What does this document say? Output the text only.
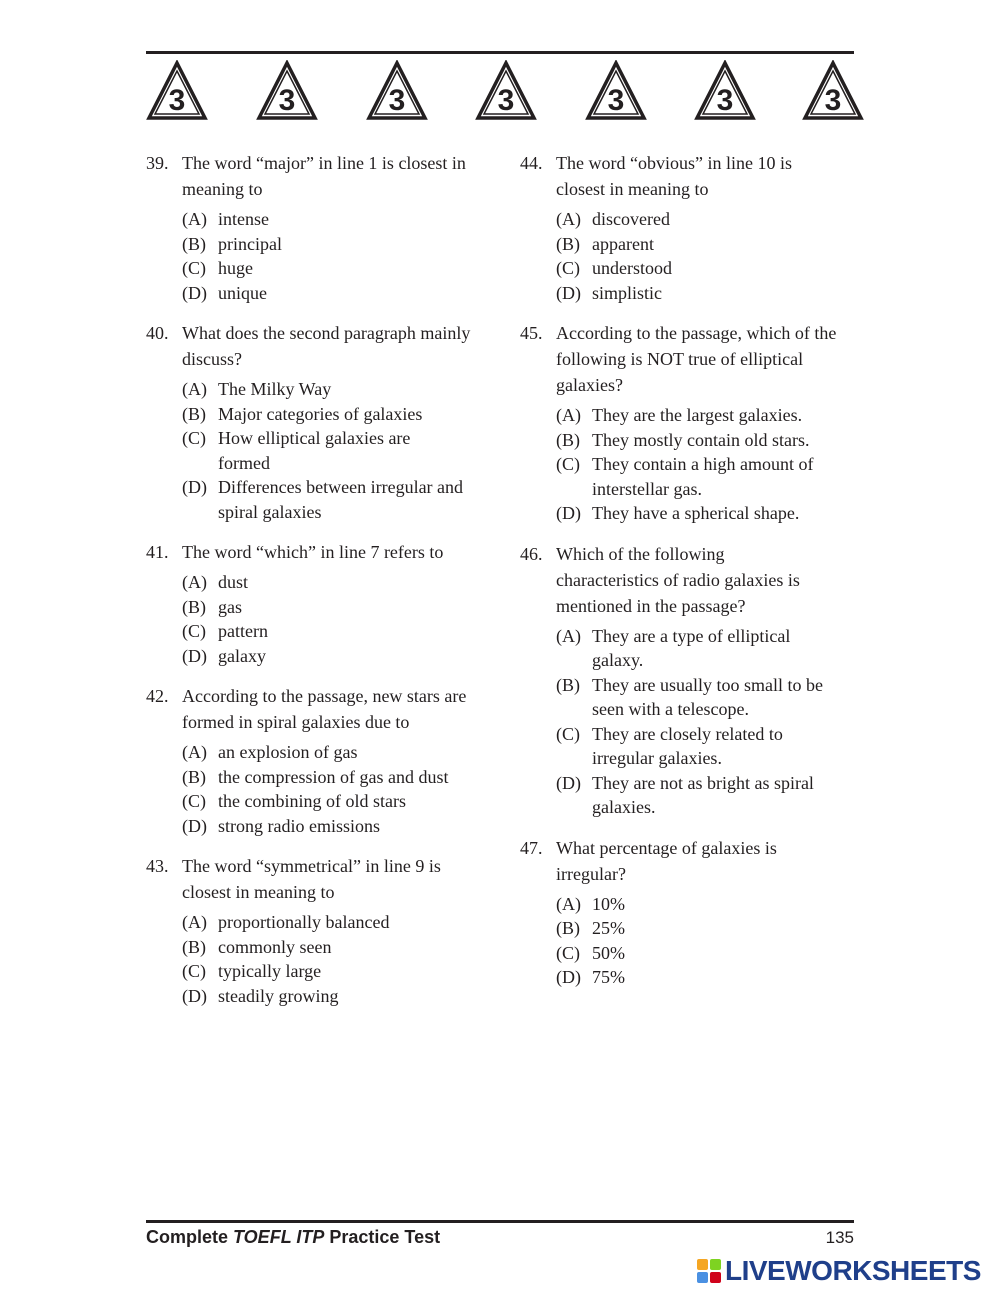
3	3	3	3	3	3	3
39. The word “major” in line 1 is closest in meaning to
(A) intense
(B) principal
(C) huge
(D) unique
40. What does the second paragraph mainly discuss?
(A) The Milky Way
(B) Major categories of galaxies
(C) How elliptical galaxies are formed
(D) Differences between irregular and spiral galaxies
41. The word “which” in line 7 refers to
(A) dust
(B) gas
(C) pattern
(D) galaxy
42. According to the passage, new stars are formed in spiral galaxies due to
(A) an explosion of gas
(B) the compression of gas and dust
(C) the combining of old stars
(D) strong radio emissions
43. The word “symmetrical” in line 9 is closest in meaning to
(A) proportionally balanced
(B) commonly seen
(C) typically large
(D) steadily growing
44. The word “obvious” in line 10 is closest in meaning to
(A) discovered
(B) apparent
(C) understood
(D) simplistic
45. According to the passage, which of the following is NOT true of elliptical galaxies?
(A) They are the largest galaxies.
(B) They mostly contain old stars.
(C) They contain a high amount of interstellar gas.
(D) They have a spherical shape.
46. Which of the following characteristics of radio galaxies is mentioned in the passage?
(A) They are a type of elliptical galaxy.
(B) They are usually too small to be seen with a telescope.
(C) They are closely related to irregular galaxies.
(D) They are not as bright as spiral galaxies.
47. What percentage of galaxies is irregular?
(A) 10%
(B) 25%
(C) 50%
(D) 75%
Complete TOEFL ITP Practice Test	135
LIVEWORKSHEETS
